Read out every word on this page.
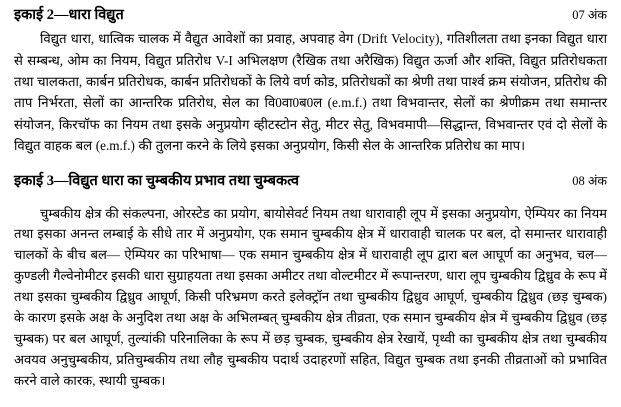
इकाई 2—धारा विद्युत	07 अंक
विद्युत धारा, धात्विक चालक में वैद्युत आवेशों का प्रवाह, अपवाह वेग (Drift Velocity), गतिशीलता तथा इनका विद्युत धारा से सम्बन्ध, ओम का नियम, विद्युत प्रतिरोध V-I अभिलक्षण (रैखिक तथा अरैखिक) विद्युत ऊर्जा और शक्ति, विद्युत प्रतिरोधकता तथा चालकता, कार्बन प्रतिरोधक, कार्बन प्रतिरोधकों के लिये वर्ण कोड, प्रतिरोधकों का श्रेणी तथा पार्श्व क्रम संयोजन, प्रतिरोध की ताप निर्भरता, सेलों का आन्तरिक प्रतिरोध, सेल का वि0वा0ब0ल (e.m.f.) तथा विभवान्तर, सेलों का श्रेणीक्रम तथा समान्तर संयोजन, किरचॉफ का नियम तथा इसके अनुप्रयोग व्हीटस्टोन सेतु, मीटर सेतु, विभवमापी—सिद्धान्त, विभवान्तर एवं दो सेलों के विद्युत वाहक बल (e.m.f.) की तुलना करने के लिये इसका अनुप्रयोग, किसी सेल के आन्तरिक प्रतिरोध का माप।
इकाई 3—विद्युत धारा का चुम्बकीय प्रभाव तथा चुम्बकत्व	08 अंक
चुम्बकीय क्षेत्र की संकल्पना, ओरस्टेड का प्रयोग, बायोसेवर्ट नियम तथा धारावाही लूप में इसका अनुप्रयोग, ऐम्पियर का नियम तथा इसका अनन्त लम्बाई के सीधे तार में अनुप्रयोग, एक समान चुम्बकीय क्षेत्र में धारावाही चालक पर बल, दो समान्तर धारावाही चालकों के बीच बल— ऐम्पियर का परिभाषा— एक समान चुम्बकीय क्षेत्र में धारावाही लूप द्वारा बल आघूर्ण का अनुभव, चल—कुण्डली गैल्वेनोमीटर इसकी धारा सुग्राहयता तथा इसका अमीटर तथा वोल्टमीटर में रूपान्तरण, धारा लूप चुम्बकीय द्विध्रुव के रूप में तथा इसका चुम्बकीय द्विध्रुव आघूर्ण, किसी परिभ्रमण करते इलेक्ट्रॉन तथा चुम्बकीय द्विध्रुव आघूर्ण, चुम्बकीय द्विध्रुव (छड़ चुम्बक) के कारण इसके अक्ष के अनुदिश तथा अक्ष के अभिलम्बत् चुम्बकीय क्षेत्र तीव्रता, एक समान चुम्बकीय क्षेत्र में चुम्बकीय द्विध्रुव (छड़ चुम्बक) पर बल आघूर्ण, तुल्यांकी परिनालिका के रूप में छड़ चुम्बक, चुम्बकीय क्षेत्र रेखायें, पृथ्वी का चुम्बकीय क्षेत्र तथा चुम्बकीय अवयव अनुचुम्बकीय, प्रतिचुम्बकीय तथा लौह चुम्बकीय पदार्थ उदाहरणों सहित, विद्युत चुम्बक तथा इनकी तीव्रताओं को प्रभावित करने वाले कारक, स्थायी चुम्बक।
